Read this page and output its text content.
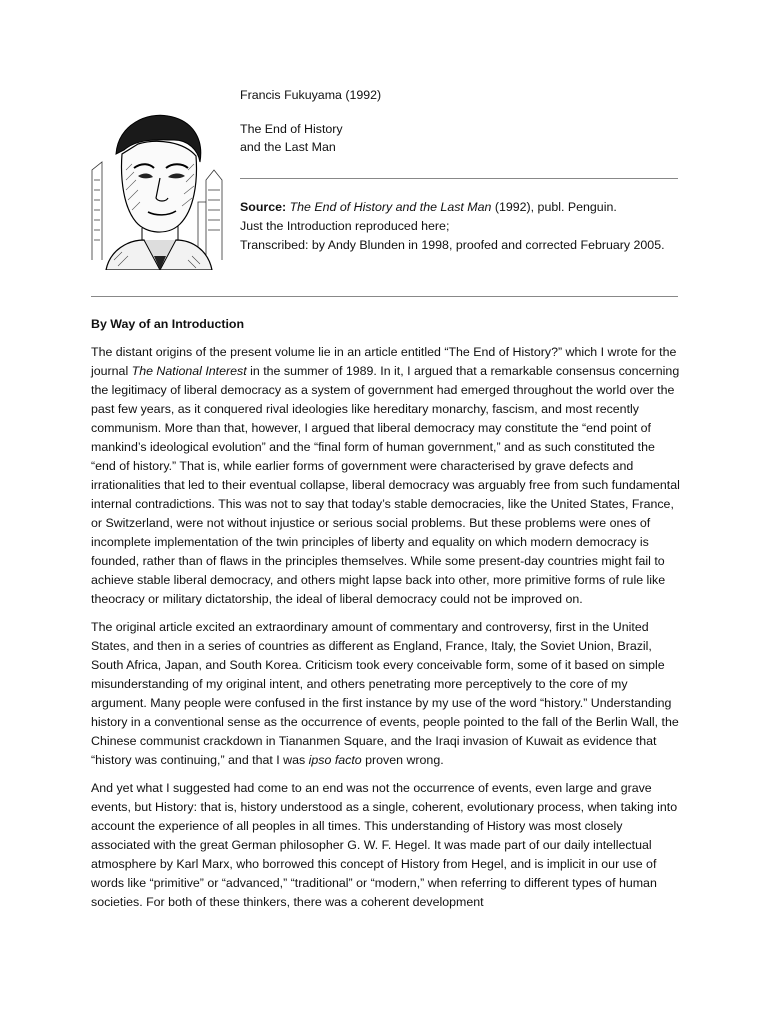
Francis Fukuyama (1992)

The End of History

and the Last Man

Source: The End of History and the Last Man (1992), publ. Penguin.

Just the Introduction reproduced here;

Transcribed: by Andy Blunden in 1998, proofed and corrected February 2005.

By Way of an Introduction

The distant origins of the present volume lie in an article entitled “The End of History?” which I wrote for the journal The National Interest in the summer of 1989. In it, I argued that a remarkable consensus concerning the legitimacy of liberal democracy as a system of government had emerged throughout the world over the past few years, as it conquered rival ideologies like hereditary monarchy, fascism, and most recently communism. More than that, however, I argued that liberal democracy may constitute the “end point of mankind’s ideological evolution” and the “final form of human government,” and as such constituted the “end of history.” That is, while earlier forms of government were characterised by grave defects and irrationalities that led to their eventual collapse, liberal democracy was arguably free from such fundamental internal contradictions. This was not to say that today’s stable democracies, like the United States, France, or Switzerland, were not without injustice or serious social problems. But these problems were ones of incomplete implementation of the twin principles of liberty and equality on which modern democracy is founded, rather than of flaws in the principles themselves. While some present-day countries might fail to achieve stable liberal democracy, and others might lapse back into other, more primitive forms of rule like theocracy or military dictatorship, the ideal of liberal democracy could not be improved on.

The original article excited an extraordinary amount of commentary and controversy, first in the United States, and then in a series of countries as different as England, France, Italy, the Soviet Union, Brazil, South Africa, Japan, and South Korea. Criticism took every conceivable form, some of it based on simple misunderstanding of my original intent, and others penetrating more perceptively to the core of my argument. Many people were confused in the first instance by my use of the word “history.” Understanding history in a conventional sense as the occurrence of events, people pointed to the fall of the Berlin Wall, the Chinese communist crackdown in Tiananmen Square, and the Iraqi invasion of Kuwait as evidence that “history was continuing,” and that I was ipso facto proven wrong.

And yet what I suggested had come to an end was not the occurrence of events, even large and grave events, but History: that is, history understood as a single, coherent, evolutionary process, when taking into account the experience of all peoples in all times. This understanding of History was most closely associated with the great German philosopher G. W. F. Hegel. It was made part of our daily intellectual atmosphere by Karl Marx, who borrowed this concept of History from Hegel, and is implicit in our use of words like “primitive” or “advanced,” “traditional” or “modern,” when referring to different types of human societies. For both of these thinkers, there was a coherent development
